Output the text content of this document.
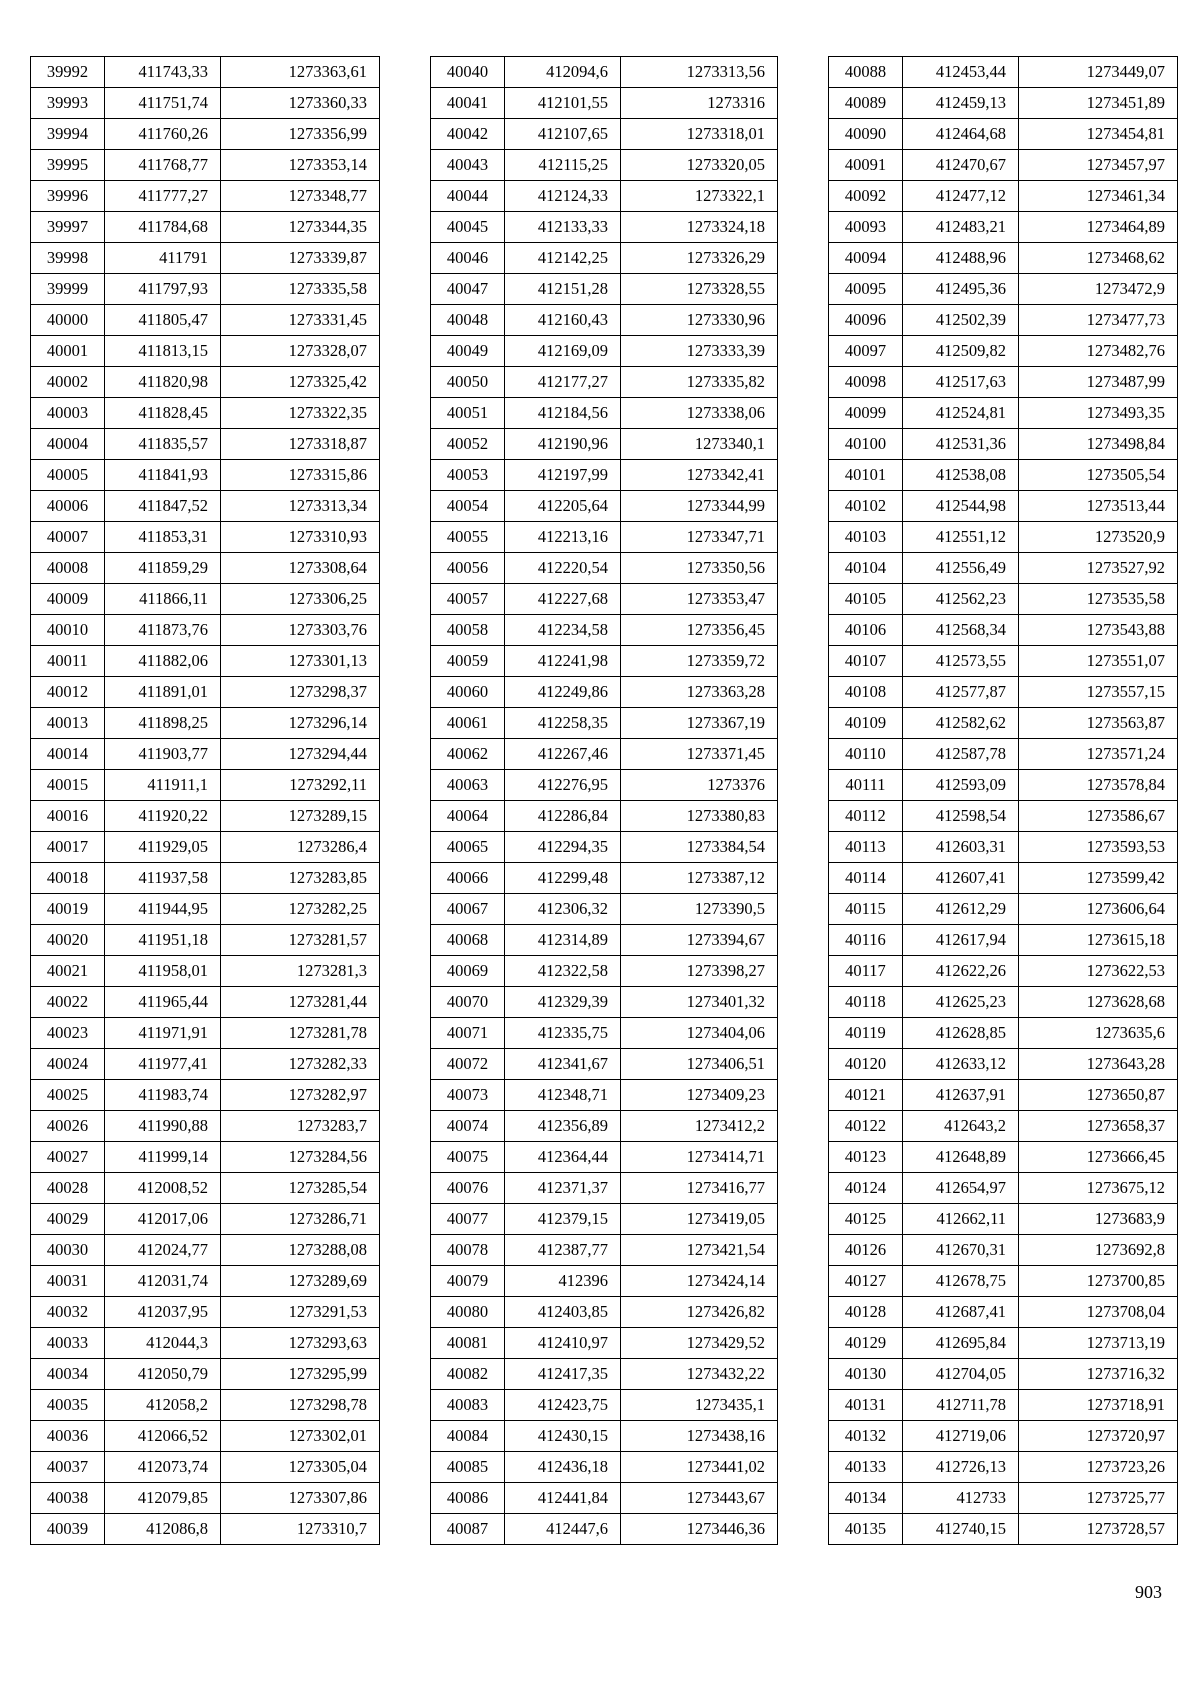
39992	411743,33	1273363,61
39993	411751,74	1273360,33
39994	411760,26	1273356,99
39995	411768,77	1273353,14
39996	411777,27	1273348,77
39997	411784,68	1273344,35
39998	411791	1273339,87
39999	411797,93	1273335,58
40000	411805,47	1273331,45
40001	411813,15	1273328,07
40002	411820,98	1273325,42
40003	411828,45	1273322,35
40004	411835,57	1273318,87
40005	411841,93	1273315,86
40006	411847,52	1273313,34
40007	411853,31	1273310,93
40008	411859,29	1273308,64
40009	411866,11	1273306,25
40010	411873,76	1273303,76
40011	411882,06	1273301,13
40012	411891,01	1273298,37
40013	411898,25	1273296,14
40014	411903,77	1273294,44
40015	411911,1	1273292,11
40016	411920,22	1273289,15
40017	411929,05	1273286,4
40018	411937,58	1273283,85
40019	411944,95	1273282,25
40020	411951,18	1273281,57
40021	411958,01	1273281,3
40022	411965,44	1273281,44
40023	411971,91	1273281,78
40024	411977,41	1273282,33
40025	411983,74	1273282,97
40026	411990,88	1273283,7
40027	411999,14	1273284,56
40028	412008,52	1273285,54
40029	412017,06	1273286,71
40030	412024,77	1273288,08
40031	412031,74	1273289,69
40032	412037,95	1273291,53
40033	412044,3	1273293,63
40034	412050,79	1273295,99
40035	412058,2	1273298,78
40036	412066,52	1273302,01
40037	412073,74	1273305,04
40038	412079,85	1273307,86
40039	412086,8	1273310,7
40040	412094,6	1273313,56
40041	412101,55	1273316
40042	412107,65	1273318,01
40043	412115,25	1273320,05
40044	412124,33	1273322,1
40045	412133,33	1273324,18
40046	412142,25	1273326,29
40047	412151,28	1273328,55
40048	412160,43	1273330,96
40049	412169,09	1273333,39
40050	412177,27	1273335,82
40051	412184,56	1273338,06
40052	412190,96	1273340,1
40053	412197,99	1273342,41
40054	412205,64	1273344,99
40055	412213,16	1273347,71
40056	412220,54	1273350,56
40057	412227,68	1273353,47
40058	412234,58	1273356,45
40059	412241,98	1273359,72
40060	412249,86	1273363,28
40061	412258,35	1273367,19
40062	412267,46	1273371,45
40063	412276,95	1273376
40064	412286,84	1273380,83
40065	412294,35	1273384,54
40066	412299,48	1273387,12
40067	412306,32	1273390,5
40068	412314,89	1273394,67
40069	412322,58	1273398,27
40070	412329,39	1273401,32
40071	412335,75	1273404,06
40072	412341,67	1273406,51
40073	412348,71	1273409,23
40074	412356,89	1273412,2
40075	412364,44	1273414,71
40076	412371,37	1273416,77
40077	412379,15	1273419,05
40078	412387,77	1273421,54
40079	412396	1273424,14
40080	412403,85	1273426,82
40081	412410,97	1273429,52
40082	412417,35	1273432,22
40083	412423,75	1273435,1
40084	412430,15	1273438,16
40085	412436,18	1273441,02
40086	412441,84	1273443,67
40087	412447,6	1273446,36
40088	412453,44	1273449,07
40089	412459,13	1273451,89
40090	412464,68	1273454,81
40091	412470,67	1273457,97
40092	412477,12	1273461,34
40093	412483,21	1273464,89
40094	412488,96	1273468,62
40095	412495,36	1273472,9
40096	412502,39	1273477,73
40097	412509,82	1273482,76
40098	412517,63	1273487,99
40099	412524,81	1273493,35
40100	412531,36	1273498,84
40101	412538,08	1273505,54
40102	412544,98	1273513,44
40103	412551,12	1273520,9
40104	412556,49	1273527,92
40105	412562,23	1273535,58
40106	412568,34	1273543,88
40107	412573,55	1273551,07
40108	412577,87	1273557,15
40109	412582,62	1273563,87
40110	412587,78	1273571,24
40111	412593,09	1273578,84
40112	412598,54	1273586,67
40113	412603,31	1273593,53
40114	412607,41	1273599,42
40115	412612,29	1273606,64
40116	412617,94	1273615,18
40117	412622,26	1273622,53
40118	412625,23	1273628,68
40119	412628,85	1273635,6
40120	412633,12	1273643,28
40121	412637,91	1273650,87
40122	412643,2	1273658,37
40123	412648,89	1273666,45
40124	412654,97	1273675,12
40125	412662,11	1273683,9
40126	412670,31	1273692,8
40127	412678,75	1273700,85
40128	412687,41	1273708,04
40129	412695,84	1273713,19
40130	412704,05	1273716,32
40131	412711,78	1273718,91
40132	412719,06	1273720,97
40133	412726,13	1273723,26
40134	412733	1273725,77
40135	412740,15	1273728,57
903
